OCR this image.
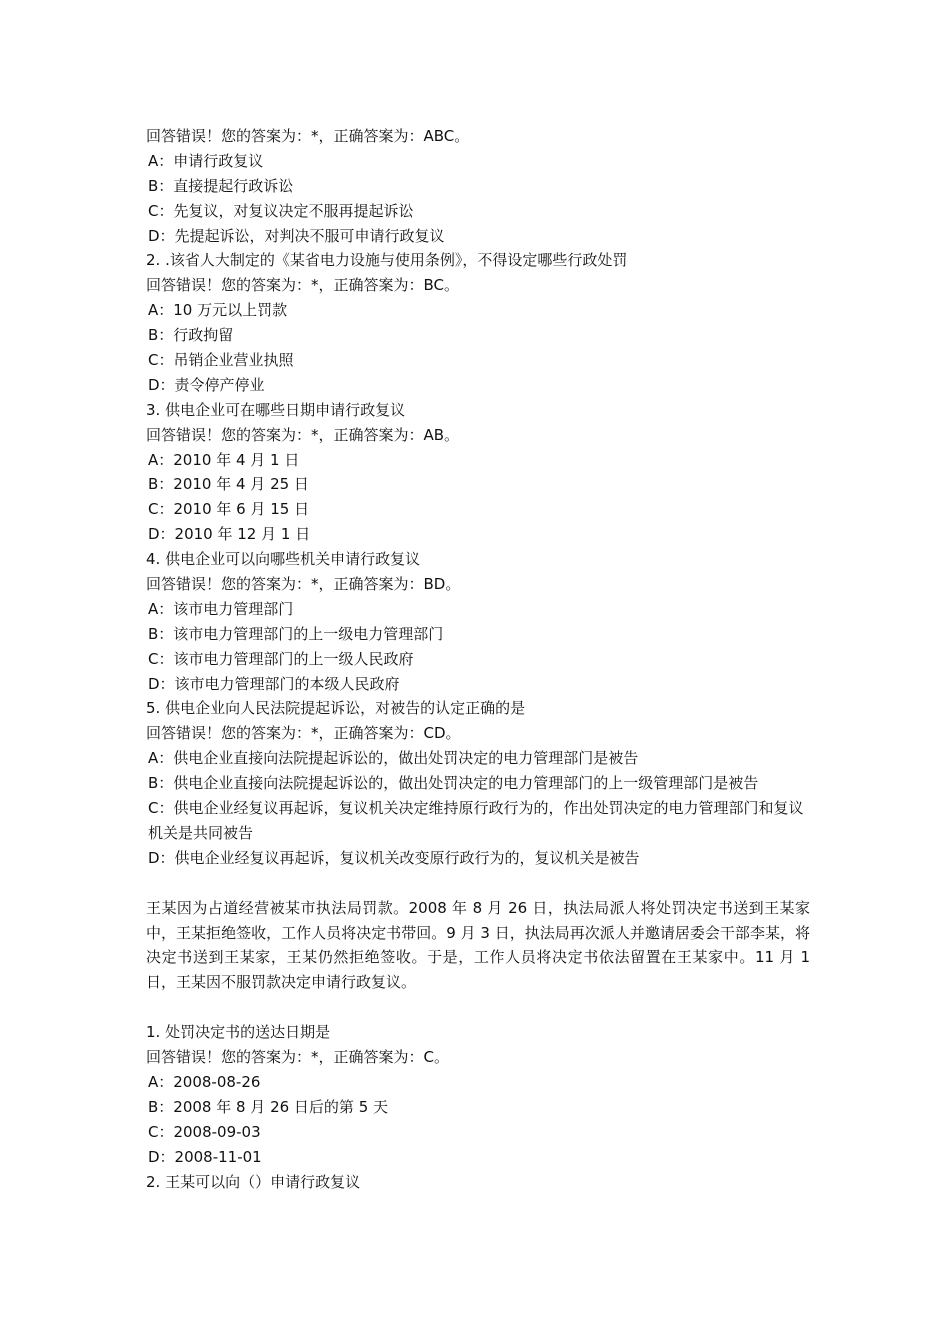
回答错误！您的答案为：*，正确答案为：ABC。
A：申请行政复议
B：直接提起行政诉讼
C：先复议，对复议决定不服再提起诉讼
D：先提起诉讼，对判决不服可申请行政复议
2. .该省人大制定的《某省电力设施与使用条例》，不得设定哪些行政处罚
回答错误！您的答案为：*，正确答案为：BC。
A：10 万元以上罚款
B：行政拘留
C：吊销企业营业执照
D：责令停产停业
3. 供电企业可在哪些日期申请行政复议
回答错误！您的答案为：*，正确答案为：AB。
A：2010 年 4 月 1 日
B：2010 年 4 月 25 日
C：2010 年 6 月 15 日
D：2010 年 12 月 1 日
4. 供电企业可以向哪些机关申请行政复议
回答错误！您的答案为：*，正确答案为：BD。
A：该市电力管理部门
B：该市电力管理部门的上一级电力管理部门
C：该市电力管理部门的上一级人民政府
D：该市电力管理部门的本级人民政府
5. 供电企业向人民法院提起诉讼，对被告的认定正确的是
回答错误！您的答案为：*，正确答案为：CD。
A：供电企业直接向法院提起诉讼的，做出处罚决定的电力管理部门是被告
B：供电企业直接向法院提起诉讼的，做出处罚决定的电力管理部门的上一级管理部门是被告
C：供电企业经复议再起诉，复议机关决定维持原行政行为的，作出处罚决定的电力管理部门和复议机关是共同被告
D：供电企业经复议再起诉，复议机关改变原行政行为的，复议机关是被告
王某因为占道经营被某市执法局罚款。2008 年 8 月 26 日，执法局派人将处罚决定书送到王某家中，王某拒绝签收，工作人员将决定书带回。9 月 3 日，执法局再次派人并邀请居委会干部李某，将决定书送到王某家，王某仍然拒绝签收。于是，工作人员将决定书依法留置在王某家中。11 月 1 日，王某因不服罚款决定申请行政复议。
1. 处罚决定书的送达日期是
回答错误！您的答案为：*，正确答案为：C。
A：2008-08-26
B：2008 年 8 月 26 日后的第 5 天
C：2008-09-03
D：2008-11-01
2. 王某可以向（）申请行政复议
